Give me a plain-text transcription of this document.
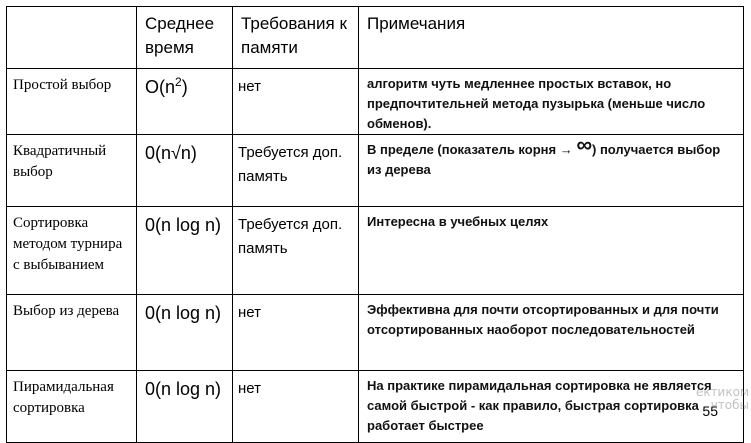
	Среднее время	Требования к памяти	Примечания
Простой выбор	$O(n^2)$	нет	алгоритм чуть медленнее простых вставок, но предпочтительней метода пузырька (меньше число обменов).
Квадратичный выбор	0(n√n)	Требуется доп. память	В пределе (показатель корня → ∞) получается выбор из дерева
Сортировка методом турнира с выбыванием	0(n log n)	Требуется доп. память	Интересна в учебных целях
Выбор из дерева	0(n log n)	нет	Эффективна для почти отсортированных и для почти отсортированных наоборот последовательностей
Пирамидальная сортировка	0(n log n)	нет	На практике пирамидальная сортировка не является самой быстрой - как правило, быстрая сортировка работает быстрее
55
ектиком
чтобы
